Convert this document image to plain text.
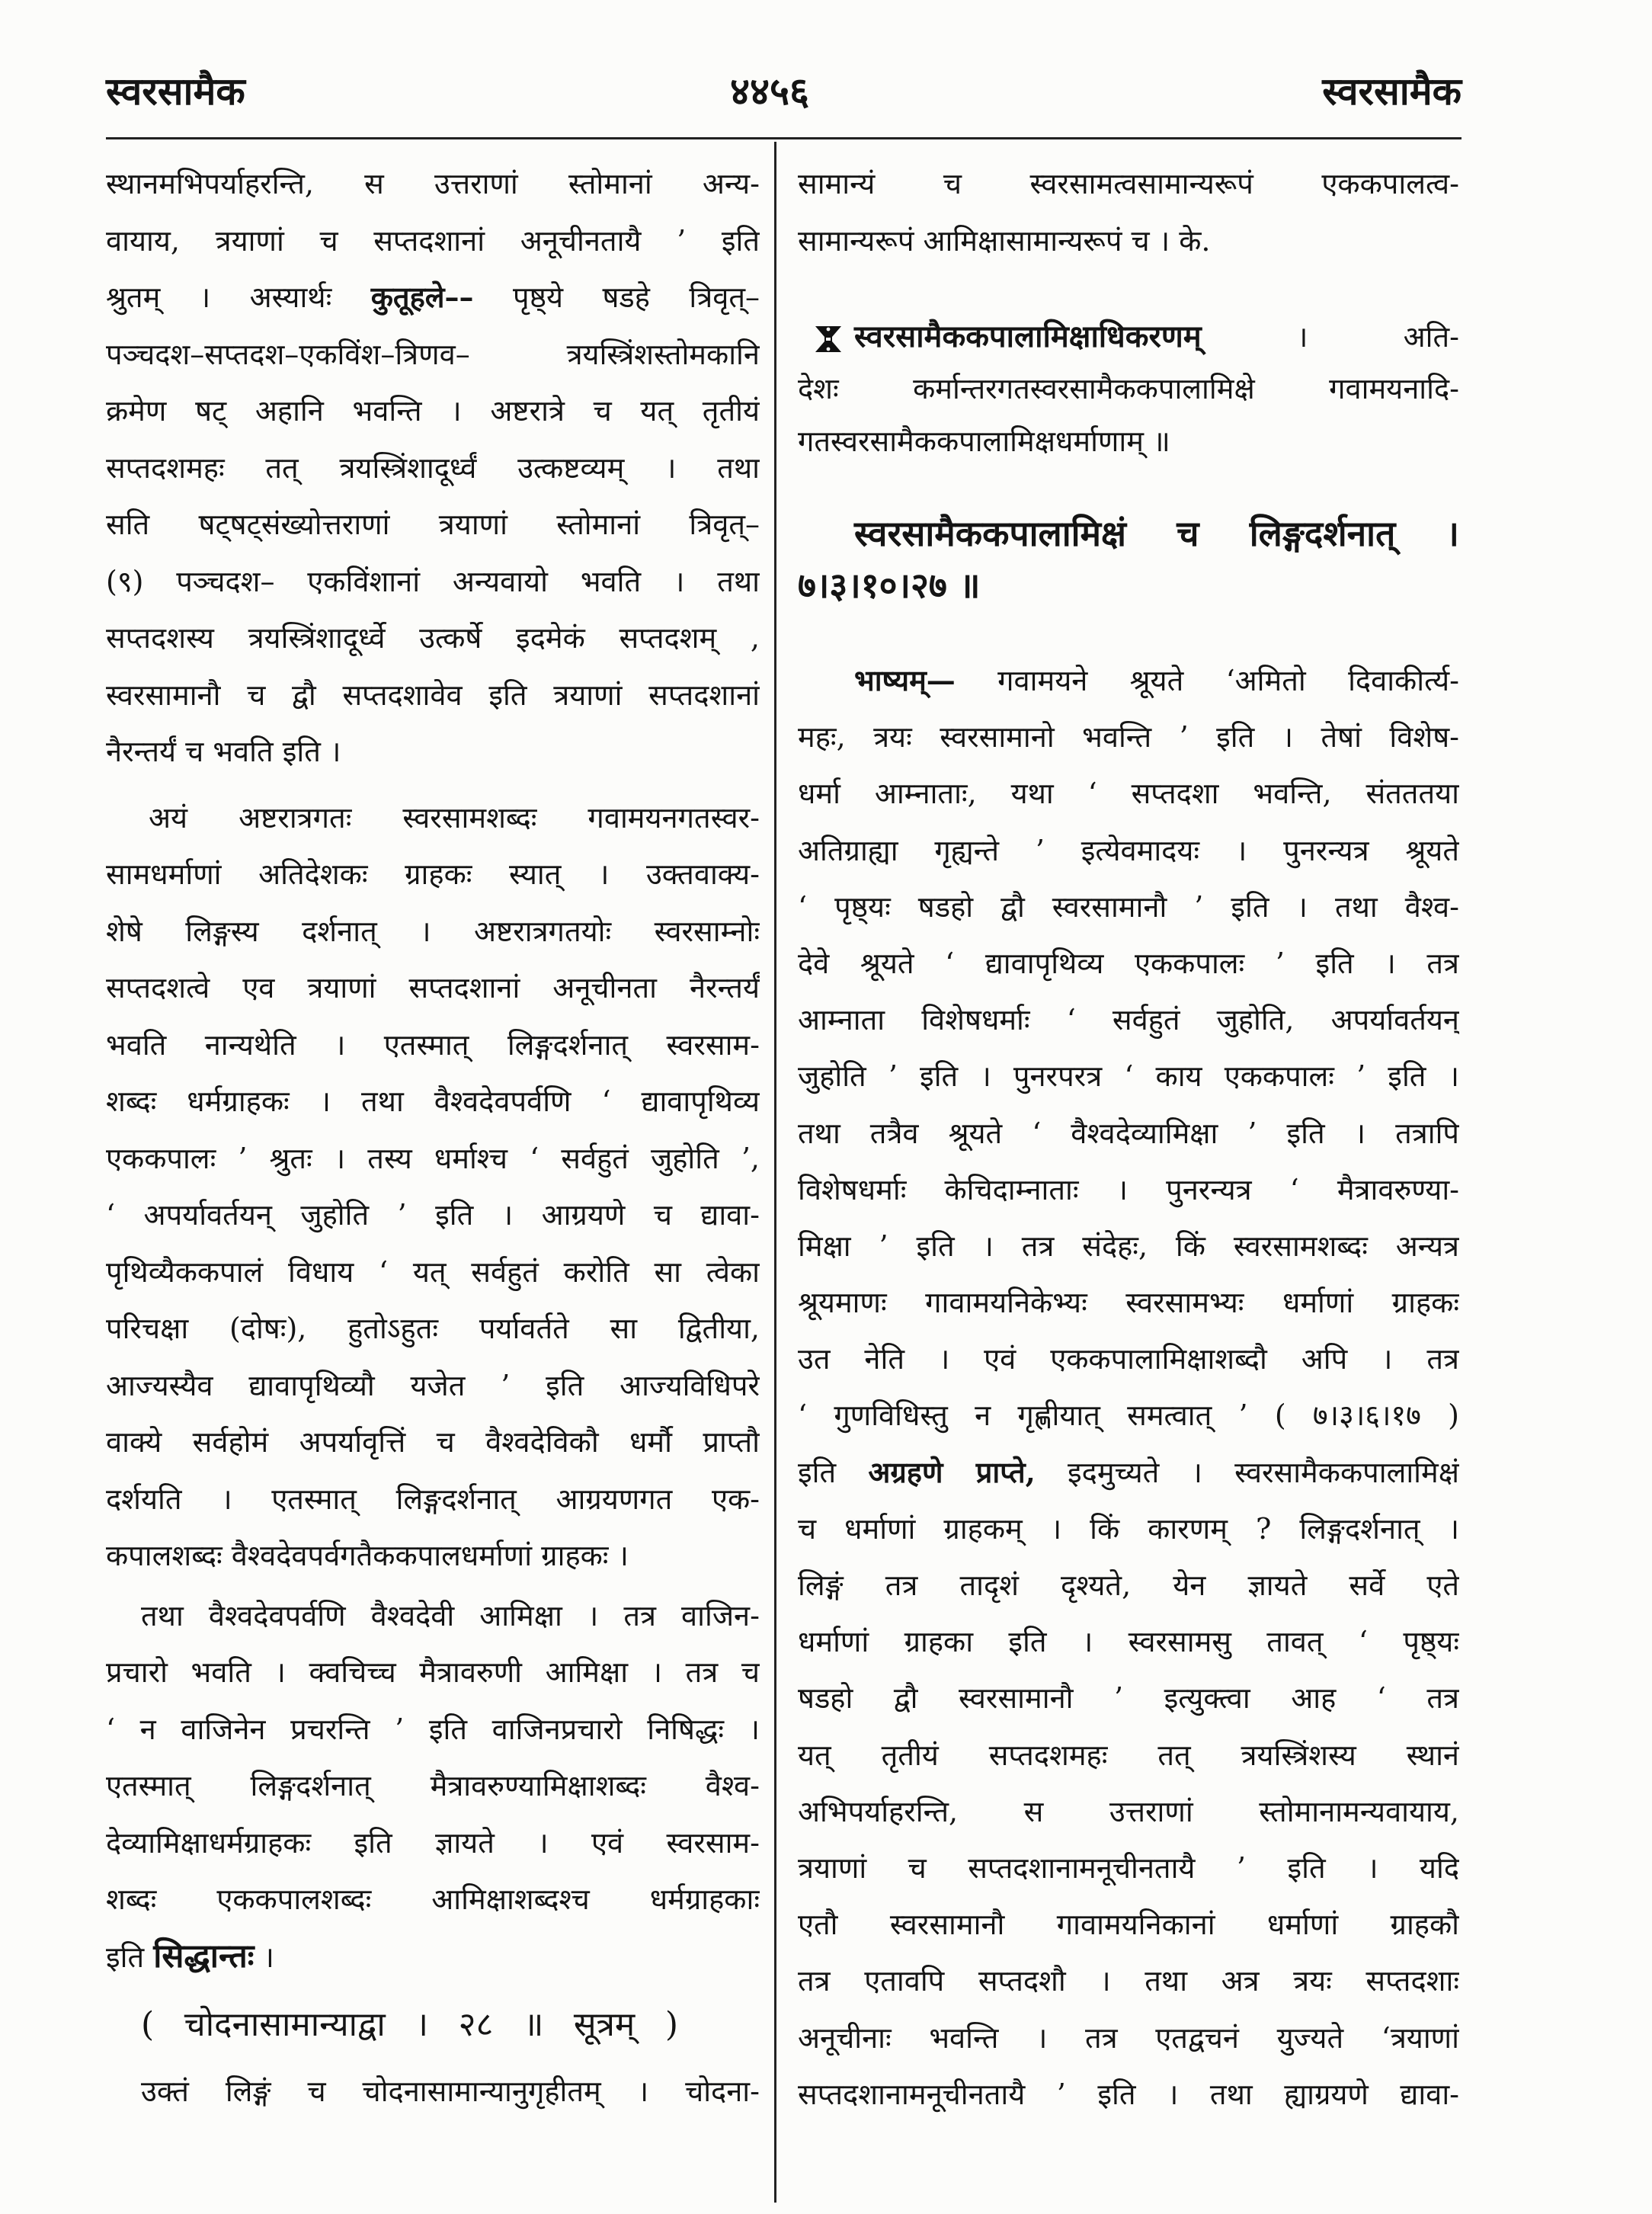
स्वरसामैक	४४५६	स्वरसामैक
स्थानमभिपर्याहरन्ति, स उत्तराणां स्तोमानां अन्य-
वायाय, त्रयाणां च सप्तदशानां अनूचीनतायै ’ इति
श्रुतम् । अस्यार्थः कुतूहले–– पृष्ठ्ये षडहे त्रिवृत्–
पञ्चदश–सप्तदश–एकविंश–त्रिणव– त्रयस्त्रिंशस्तोमकानि
क्रमेण षट् अहानि भवन्ति । अष्टरात्रे च यत् तृतीयं
सप्तदशमहः तत् त्रयस्त्रिंशादूर्ध्वं उत्कष्टव्यम् । तथा
सति षट्षट्संख्योत्तराणां त्रयाणां स्तोमानां त्रिवृत्–
(९) पञ्चदश– एकविंशानां अन्यवायो भवति । तथा
सप्तदशस्य त्रयस्त्रिंशादूर्ध्वे उत्कर्षे इदमेकं सप्तदशम् ,
स्वरसामानौ च द्वौ सप्तदशावेव इति त्रयाणां सप्तदशानां
नैरन्तर्यं च भवति इति ।
अयं अष्टरात्रगतः स्वरसामशब्दः गवामयनगतस्वर-
सामधर्माणां अतिदेशकः ग्राहकः स्यात् । उक्तवाक्य-
शेषे लिङ्गस्य दर्शनात् । अष्टरात्रगतयोः स्वरसाम्नोः
सप्तदशत्वे एव त्रयाणां सप्तदशानां अनूचीनता नैरन्तर्यं
भवति नान्यथेति । एतस्मात् लिङ्गदर्शनात् स्वरसाम-
शब्दः धर्मग्राहकः । तथा वैश्वदेवपर्वणि ‘ द्यावापृथिव्य
एककपालः ’ श्रुतः । तस्य धर्माश्च ‘ सर्वहुतं जुहोति ’,
‘ अपर्यावर्तयन् जुहोति ’ इति । आग्रयणे च द्यावा-
पृथिव्यैककपालं विधाय ‘ यत् सर्वहुतं करोति सा त्वेका
परिचक्षा (दोषः), हुतोऽहुतः पर्यावर्तते सा द्वितीया,
आज्यस्यैव द्यावापृथिव्यौ यजेत ’ इति आज्यविधिपरे
वाक्ये सर्वहोमं अपर्यावृत्तिं च वैश्वदेविकौ धर्मौ प्राप्तौ
दर्शयति । एतस्मात् लिङ्गदर्शनात् आग्रयणगत एक-
कपालशब्दः वैश्वदेवपर्वगतैककपालधर्माणां ग्राहकः ।
तथा वैश्वदेवपर्वणि वैश्वदेवी आमिक्षा । तत्र वाजिन-
प्रचारो भवति । क्वचिच्च मैत्रावरुणी आमिक्षा । तत्र च
‘ न वाजिनेन प्रचरन्ति ’ इति वाजिनप्रचारो निषिद्धः ।
एतस्मात् लिङ्गदर्शनात् मैत्रावरुण्यामिक्षाशब्दः वैश्व-
देव्यामिक्षाधर्मग्राहकः इति ज्ञायते । एवं स्वरसाम-
शब्दः एककपालशब्दः आमिक्षाशब्दश्च धर्मग्राहकाः
इति सिद्धान्तः ।
( चोदनासामान्याद्वा । २८ ॥ सूत्रम् )
उक्तं लिङ्गं च चोदनासामान्यानुगृहीतम् । चोदना-
सामान्यं च स्वरसामत्वसामान्यरूपं एककपालत्व-
सामान्यरूपं आमिक्षासामान्यरूपं च । के.
स्वरसामैककपालामिक्षाधिकरणम् । अति-
देशः कर्मान्तरगतस्वरसामैककपालामिक्षे गवामयनादि-
गतस्वरसामैककपालामिक्षधर्माणाम् ॥
स्वरसामैककपालामिक्षं च लिङ्गदर्शनात् ।
७।३।१०।२७ ॥
भाष्यम्— गवामयने श्रूयते ‘अमितो दिवाकीर्त्य-
महः, त्रयः स्वरसामानो भवन्ति ’ इति । तेषां विशेष-
धर्मा आम्नाताः, यथा ‘ सप्तदशा भवन्ति, संतततया
अतिग्राह्या गृह्यन्ते ’ इत्येवमादयः । पुनरन्यत्र श्रूयते
‘ पृष्ठ्यः षडहो द्वौ स्वरसामानौ ’ इति । तथा वैश्व-
देवे श्रूयते ‘ द्यावापृथिव्य एककपालः ’ इति । तत्र
आम्नाता विशेषधर्माः ‘ सर्वहुतं जुहोति, अपर्यावर्तयन्
जुहोति ’ इति । पुनरपरत्र ‘ काय एककपालः ’ इति ।
तथा तत्रैव श्रूयते ‘ वैश्वदेव्यामिक्षा ’ इति । तत्रापि
विशेषधर्माः केचिदाम्नाताः । पुनरन्यत्र ‘ मैत्रावरुण्या-
मिक्षा ’ इति । तत्र संदेहः, किं स्वरसामशब्दः अन्यत्र
श्रूयमाणः गावामयनिकेभ्यः स्वरसामभ्यः धर्माणां ग्राहकः
उत नेति । एवं एककपालामिक्षाशब्दौ अपि । तत्र
‘ गुणविधिस्तु न गृह्णीयात् समत्वात् ’ ( ७।३।६।१७ )
इति अग्रहणे प्राप्ते, इदमुच्यते । स्वरसामैककपालामिक्षं
च धर्माणां ग्राहकम् । किं कारणम् ? लिङ्गदर्शनात् ।
लिङ्गं तत्र तादृशं दृश्यते, येन ज्ञायते सर्वे एते
धर्माणां ग्राहका इति । स्वरसामसु तावत् ‘ पृष्ठ्यः
षडहो द्वौ स्वरसामानौ ’ इत्युक्त्वा आह ‘ तत्र
यत् तृतीयं सप्तदशमहः तत् त्रयस्त्रिंशस्य स्थानं
अभिपर्याहरन्ति, स उत्तराणां स्तोमानामन्यवायाय,
त्रयाणां च सप्तदशानामनूचीनतायै ’ इति । यदि
एतौ स्वरसामानौ गावामयनिकानां धर्माणां ग्राहकौ
तत्र एतावपि सप्तदशौ । तथा अत्र त्रयः सप्तदशाः
अनूचीनाः भवन्ति । तत्र एतद्वचनं युज्यते ‘त्रयाणां
सप्तदशानामनूचीनतायै ’ इति । तथा ह्याग्रयणे द्यावा-
